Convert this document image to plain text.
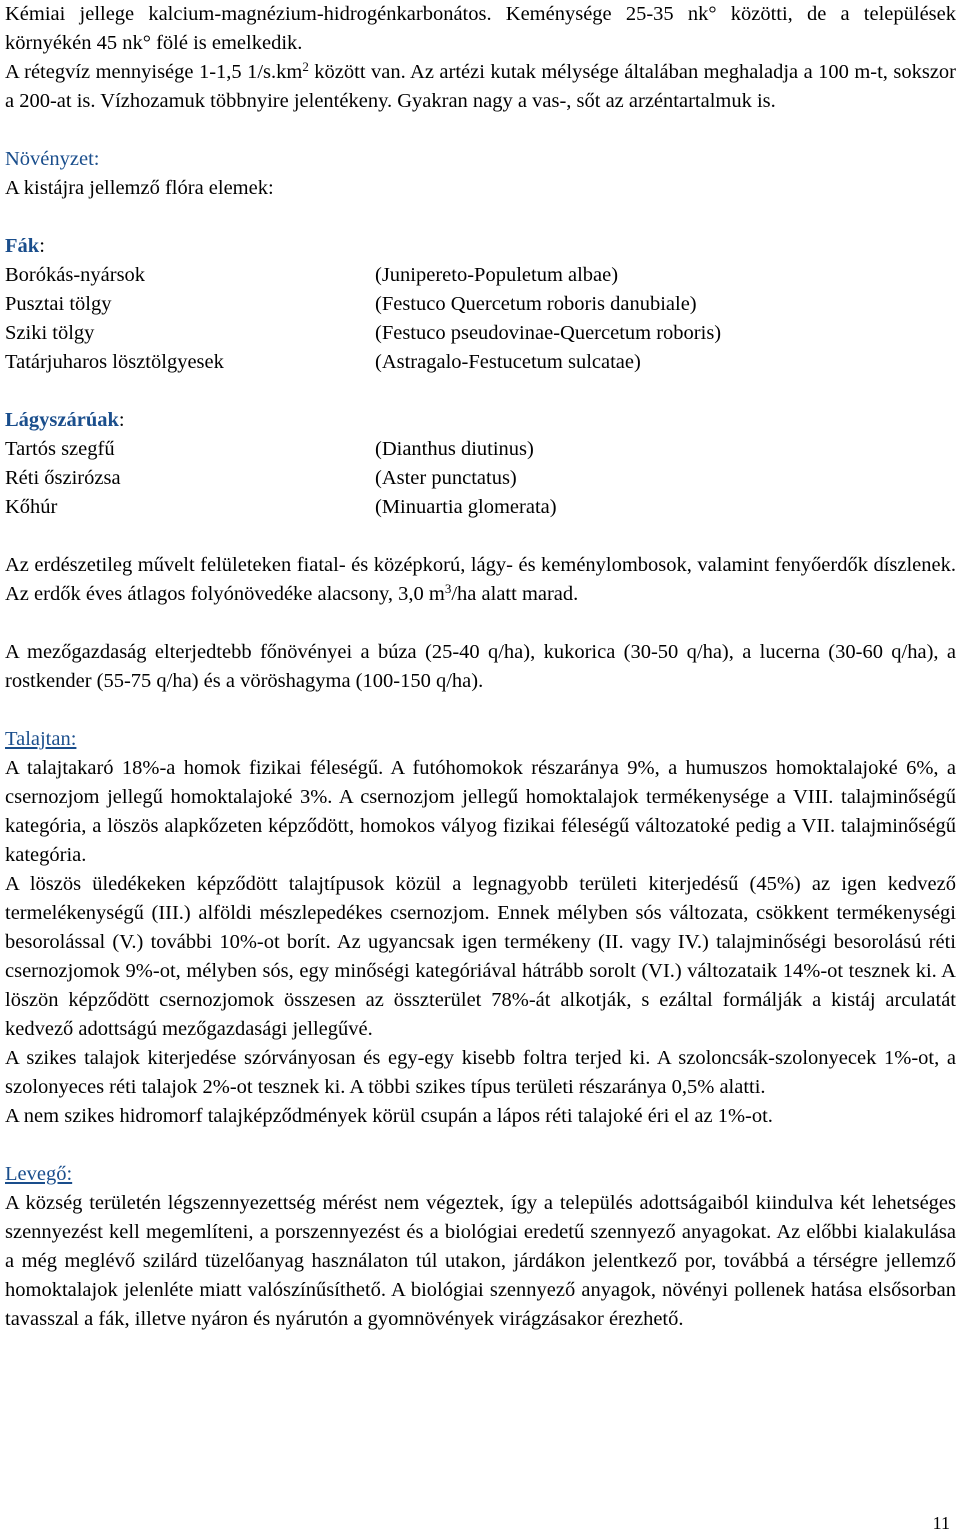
Kémiai jellege kalcium-magnézium-hidrogénkarbonátos. Keménysége 25-35 nk° közötti, de a települések környékén 45 nk° fölé is emelkedik.

A rétegvíz mennyisége 1-1,5 $1/s.km^2$ között van. Az artézi kutak mélysége általában meghaladja a 100 m-t, sokszor a 200-at is. Vízhozamuk többnyire jelentékeny. Gyakran nagy a vas-, sőt az arzéntartalmuk is.

Növényzet:

A kistájra jellemző flóra elemek:

Fák:

Borókás-nyársok	(Junipereto-Populetum albae)
Pusztai tölgy	(Festuco Quercetum roboris danubiale)
Sziki tölgy	(Festuco pseudovinae-Quercetum roboris)
Tatárjuharos lösztölgyesek	(Astragalo-Festucetum sulcatae)

Lágyszárúak:

Tartós szegfű	(Dianthus diutinus)
Réti őszirózsa	(Aster punctatus)
Kőhúr	(Minuartia glomerata)

Az erdészetileg művelt felületeken fiatal- és középkorú, lágy- és keménylombosok, valamint fenyőerdők díszlenek. Az erdők éves átlagos folyónövedéke alacsony, 3,0 $m^3/ha$ alatt marad.

A mezőgazdaság elterjedtebb főnövényei a búza (25-40 q/ha), kukorica (30-50 q/ha), a lucerna (30-60 q/ha), a rostkender (55-75 q/ha) és a vöröshagyma (100-150 q/ha).

Talajtan:

A talajtakaró 18%-a homok fizikai féleségű. A futóhomokok részaránya 9%, a humuszos homoktalajoké 6%, a csernozjom jellegű homoktalajoké 3%. A csernozjom jellegű homoktalajok termékenysége a VIII. talajminőségű kategória, a löszös alapkőzeten képződött, homokos vályog fizikai féleségű változatoké pedig a VII. talajminőségű kategória.

A löszös üledékeken képződött talajtípusok közül a legnagyobb területi kiterjedésű (45%) az igen kedvező termelékenységű (III.) alföldi mészlepedékes csernozjom. Ennek mélyben sós változata, csökkent termékenységi besorolással (V.) további 10%-ot borít. Az ugyancsak igen termékeny (II. vagy IV.) talajminőségi besorolású réti csernozjomok 9%-ot, mélyben sós, egy minőségi kategóriával hátrább sorolt (VI.) változataik 14%-ot tesznek ki. A löszön képződött csernozjomok összesen az összterület 78%-át alkotják, s ezáltal formálják a kistáj arculatát kedvező adottságú mezőgazdasági jellegűvé.

A szikes talajok kiterjedése szórványosan és egy-egy kisebb foltra terjed ki. A szoloncsák-szolonyecek 1%-ot, a szolonyeces réti talajok 2%-ot tesznek ki. A többi szikes típus területi részaránya 0,5% alatti.

A nem szikes hidromorf talajképződmények körül csupán a lápos réti talajoké éri el az 1%-ot.

Levegő:

A község területén légszennyezettség mérést nem végeztek, így a település adottságaiból kiindulva két lehetséges szennyezést kell megemlíteni, a porszennyezést és a biológiai eredetű szennyező anyagokat. Az előbbi kialakulása a még meglévő szilárd tüzelőanyag használaton túl utakon, járdákon jelentkező por, továbbá a térségre jellemző homoktalajok jelenléte miatt valószínűsíthető. A biológiai szennyező anyagok, növényi pollenek hatása elsősorban tavasszal a fák, illetve nyáron és nyárutón a gyomnövények virágzásakor érezhető.

11
